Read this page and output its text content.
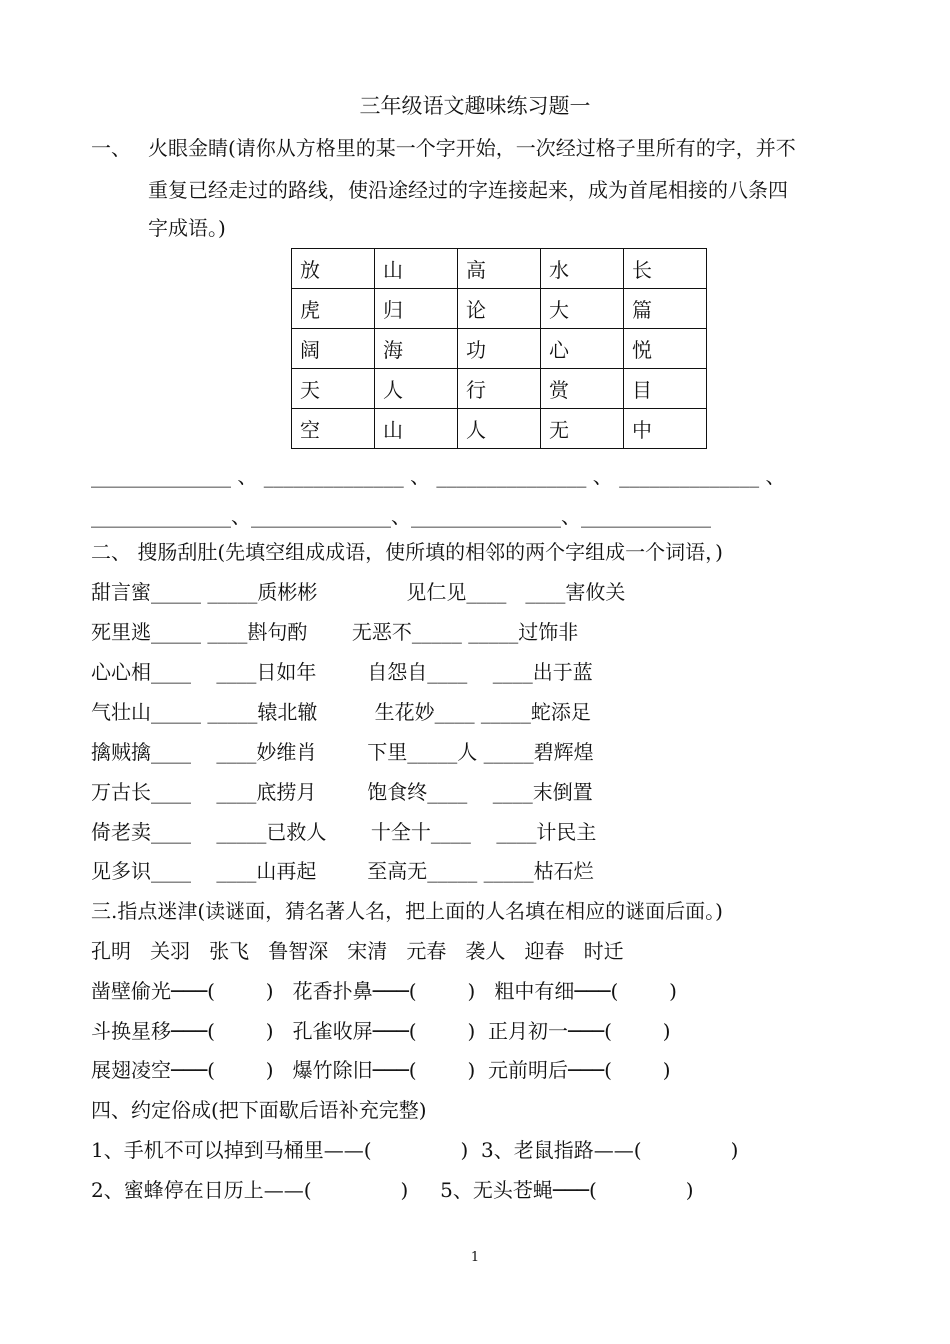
三年级语文趣味练习题一
一、 火眼金睛(请你从方格里的某一个字开始，一次经过格子里所有的字，并不
重复已经走过的路线，使沿途经过的字连接起来，成为首尾相接的八条四
字成语。)
放	山	高	水	长
虎	归	论	大	篇
阔	海	功	心	悦
天	人	行	赏	目
空	山	人	无	中
______________ 、 ______________ 、 _______________ 、 ______________ 、
______________、______________、_______________、_____________
二、 搜肠刮肚(先填空组成成语，使所填的相邻的两个字组成一个词语，)
甜言蜜_____ _____质彬彬              见仁见____   ____害攸关
死里逃_____ ____斟句酌       无恶不_____ _____过饰非
心心相____    ____日如年        自怨自____    ____出于蓝
气壮山_____ _____辕北辙         生花妙____ _____蛇添足
擒贼擒____    ____妙维肖        下里_____人 _____碧辉煌
万古长____    ____底捞月        饱食终____    ____末倒置
倚老卖____    _____已救人       十全十____    ____计民主
见多识____    ____山再起        至高无_____ _____枯石烂
三.指点迷津(读谜面，猜名著人名，把上面的人名填在相应的谜面后面。)
孔明   关羽   张飞   鲁智深   宋清   元春   袭人   迎春   时迁
凿壁偷光───(        )   花香扑鼻───(        )   粗中有细───(        )
斗换星移───(        )   孔雀收屏───(        )  正月初一───(        )
展翅凌空───(        )   爆竹除旧───(        )  元前明后───(        )
四、约定俗成(把下面歇后语补充完整)
1、手机不可以掉到马桶里——(              )  3、老鼠指路——(              )
2、蜜蜂停在日历上——(              )     5、无头苍蝇───(              )
1
